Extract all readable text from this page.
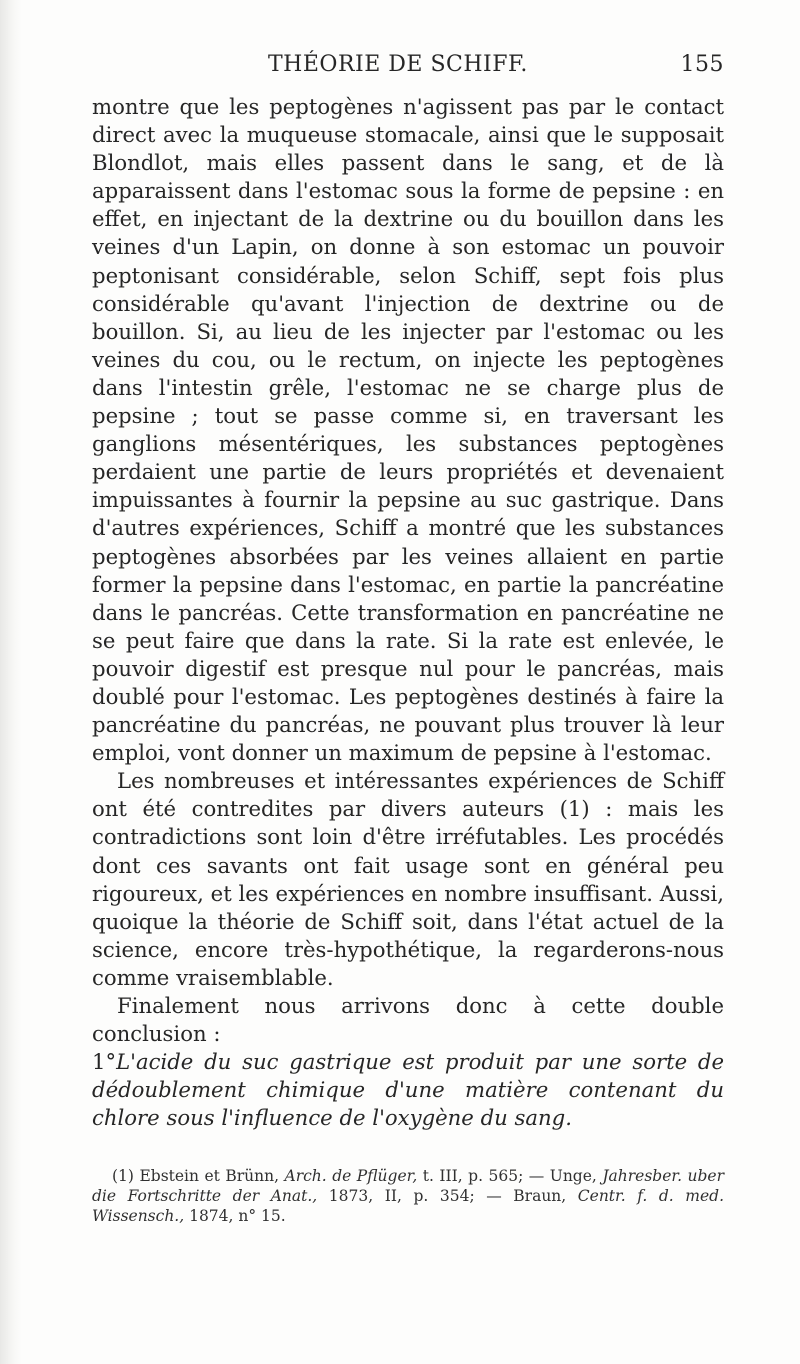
THÉORIE DE SCHIFF.	155

montre que les peptogènes n'agissent pas par le contact direct avec la muqueuse stomacale, ainsi que le supposait Blondlot, mais elles passent dans le sang, et de là apparaissent dans l'estomac sous la forme de pepsine : en effet, en injectant de la dextrine ou du bouillon dans les veines d'un Lapin, on donne à son estomac un pouvoir peptonisant considérable, selon Schiff, sept fois plus considérable qu'avant l'injection de dextrine ou de bouillon. Si, au lieu de les injecter par l'estomac ou les veines du cou, ou le rectum, on injecte les peptogènes dans l'intestin grêle, l'estomac ne se charge plus de pepsine ; tout se passe comme si, en traversant les ganglions mésentériques, les substances peptogènes perdaient une partie de leurs propriétés et devenaient impuissantes à fournir la pepsine au suc gastrique. Dans d'autres expériences, Schiff a montré que les substances peptogènes absorbées par les veines allaient en partie former la pepsine dans l'estomac, en partie la pancréatine dans le pancréas. Cette transformation en pancréatine ne se peut faire que dans la rate. Si la rate est enlevée, le pouvoir digestif est presque nul pour le pancréas, mais doublé pour l'estomac. Les peptogènes destinés à faire la pancréatine du pancréas, ne pouvant plus trouver là leur emploi, vont donner un maximum de pepsine à l'estomac.

Les nombreuses et intéressantes expériences de Schiff ont été contredites par divers auteurs (1) : mais les contradictions sont loin d'être irréfutables. Les procédés dont ces savants ont fait usage sont en général peu rigoureux, et les expériences en nombre insuffisant. Aussi, quoique la théorie de Schiff soit, dans l'état actuel de la science, encore très-hypothétique, la regarderons-nous comme vraisemblable.

Finalement nous arrivons donc à cette double conclusion :

1°L'acide du suc gastrique est produit par une sorte de dédoublement chimique d'une matière contenant du chlore sous l'influence de l'oxygène du sang.

(1) Ebstein et Brünn, Arch. de Pflüger, t. III, p. 565; — Unge, Jahresber. uber die Fortschritte der Anat., 1873, II, p. 354; — Braun, Centr. f. d. med. Wissensch., 1874, n° 15.
